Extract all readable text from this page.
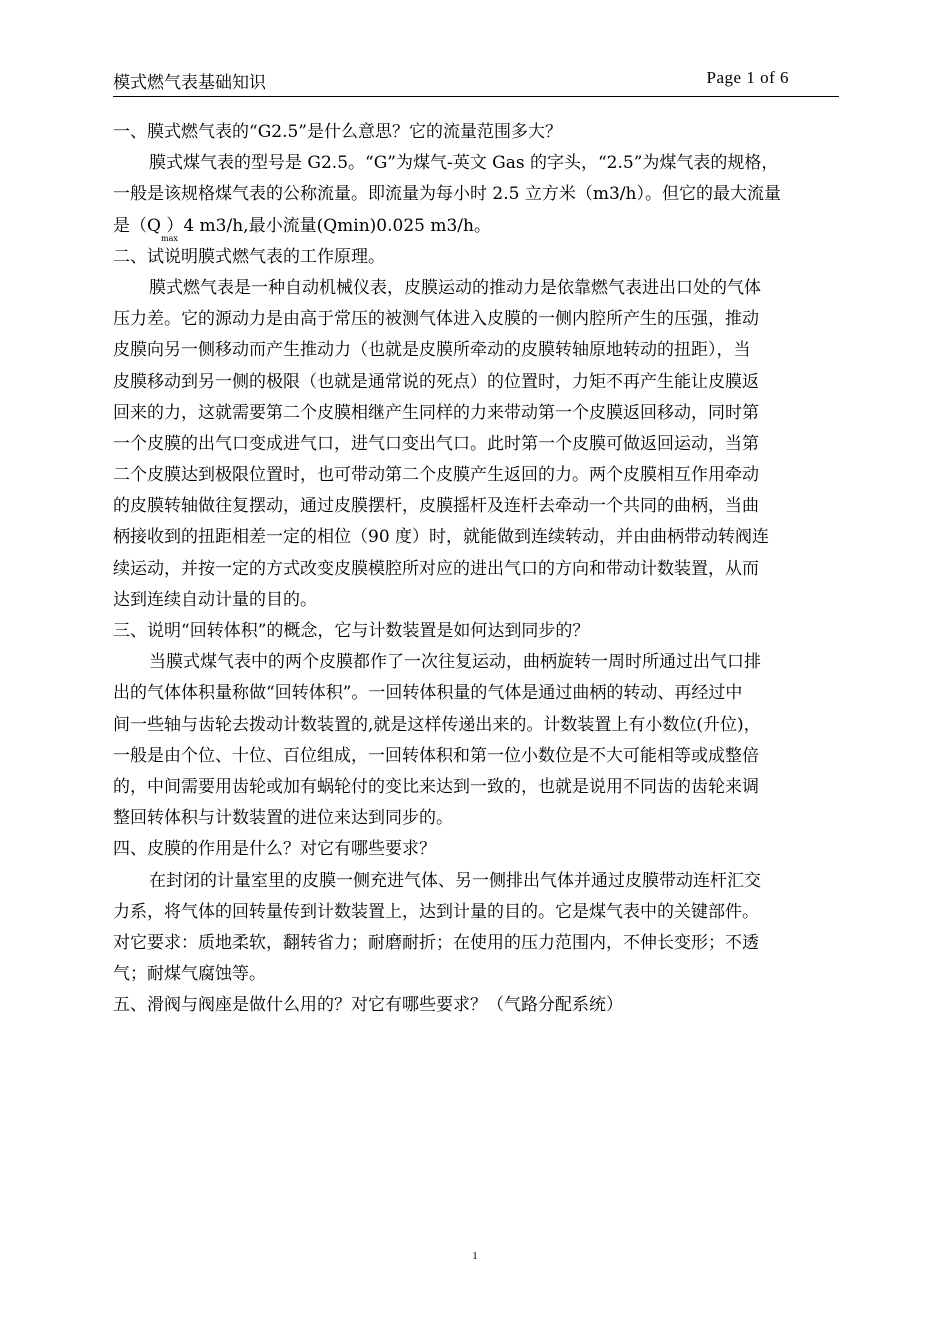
模式燃气表基础知识	Page 1 of 6
一、膜式燃气表的“G2.5”是什么意思？它的流量范围多大？
膜式煤气表的型号是 G2.5。“G”为煤气-英文 Gas 的字头，“2.5”为煤气表的规格，
一般是该规格煤气表的公称流量。即流量为每小时 2.5 立方米（m3/h）。但它的最大流量
是（Q ）4 m3/h,最小流量(Qmin)0.025 m3/h。
max
二、试说明膜式燃气表的工作原理。
膜式燃气表是一种自动机械仪表，皮膜运动的推动力是依靠燃气表进出口处的气体
压力差。它的源动力是由高于常压的被测气体进入皮膜的一侧内腔所产生的压强，推动
皮膜向另一侧移动而产生推动力（也就是皮膜所牵动的皮膜转轴原地转动的扭距），当
皮膜移动到另一侧的极限（也就是通常说的死点）的位置时，力矩不再产生能让皮膜返
回来的力，这就需要第二个皮膜相继产生同样的力来带动第一个皮膜返回移动，同时第
一个皮膜的出气口变成进气口，进气口变出气口。此时第一个皮膜可做返回运动，当第
二个皮膜达到极限位置时，也可带动第二个皮膜产生返回的力。两个皮膜相互作用牵动
的皮膜转轴做往复摆动，通过皮膜摆杆，皮膜摇杆及连杆去牵动一个共同的曲柄，当曲
柄接收到的扭距相差一定的相位（90 度）时，就能做到连续转动，并由曲柄带动转阀连
续运动，并按一定的方式改变皮膜模腔所对应的进出气口的方向和带动计数装置，从而
达到连续自动计量的目的。
三、说明“回转体积”的概念，它与计数装置是如何达到同步的？
当膜式煤气表中的两个皮膜都作了一次往复运动，曲柄旋转一周时所通过出气口排
出的气体体积量称做“回转体积”。一回转体积量的气体是通过曲柄的转动、再经过中
间一些轴与齿轮去拨动计数装置的,就是这样传递出来的。计数装置上有小数位(升位)，
一般是由个位、十位、百位组成，一回转体积和第一位小数位是不大可能相等或成整倍
的，中间需要用齿轮或加有蜗轮付的变比来达到一致的，也就是说用不同齿的齿轮来调
整回转体积与计数装置的进位来达到同步的。
四、皮膜的作用是什么？对它有哪些要求？
在封闭的计量室里的皮膜一侧充进气体、另一侧排出气体并通过皮膜带动连杆汇交
力系，将气体的回转量传到计数装置上，达到计量的目的。它是煤气表中的关键部件。
对它要求：质地柔软，翻转省力；耐磨耐折；在使用的压力范围内，不伸长变形；不透
气；耐煤气腐蚀等。
五、滑阀与阀座是做什么用的？对它有哪些要求？（气路分配系统）
1
